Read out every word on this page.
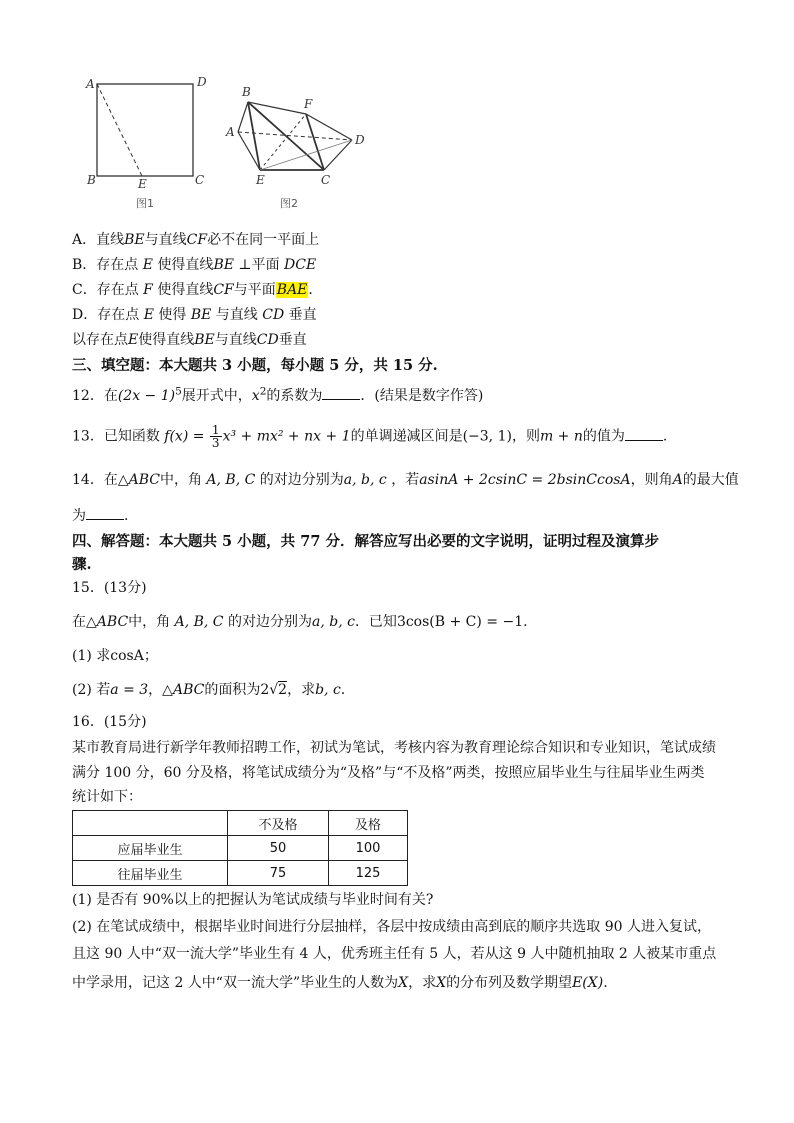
A	D
B	C
E
图1
B
F
A
D
E	C
图2
A．直线BE与直线CF必不在同一平面上
B．存在点 E 使得直线BE ⊥平面 DCE
C．存在点 F 使得直线CF与平面BAE.
D．存在点 E 使得 BE 与直线 CD 垂直
以存在点E使得直线BE与直线CD垂直
三、填空题：本大题共 3 小题，每小题 5 分，共 15 分.
12．在$(2x - 1)^5$展开式中，$x^2$的系数为	．(结果是数字作答)
13．已知函数 $f(x) = \frac{1}{3} x^3 + mx^2$ + nx + 1的单调递减区间是(−3, 1)，则m + n的值为	.
14．在△ABC中，角 A, B, C 的对边分别为a, b, c ，若asinA + 2csinC = 2bsinCcosA，则角A的最大值
为	.
四、解答题：本大题共 5 小题，共 77 分．解答应写出必要的文字说明，证明过程及演算步
骤.
15．(13分)
在△ABC中，角 A, B, C 的对边分别为a, b, c．已知3cos(B + C) = −1.
(1) 求cosA；
(2) 若a = 3，△ABC的面积为2√2，求b, c.
16．(15分)
某市教育局进行新学年教师招聘工作，初试为笔试，考核内容为教育理论综合知识和专业知识，笔试成绩
满分 100 分，60 分及格，将笔试成绩分为“及格”与“不及格”两类，按照应届毕业生与往届毕业生两类
统计如下：
	不及格	及格
应届毕业生	50	100
往届毕业生	75	125
(1) 是否有 90%以上的把握认为笔试成绩与毕业时间有关?
(2) 在笔试成绩中，根据毕业时间进行分层抽样，各层中按成绩由高到底的顺序共选取 90 人进入复试，
且这 90 人中“双一流大学”毕业生有 4 人，优秀班主任有 5 人，若从这 9 人中随机抽取 2 人被某市重点
中学录用，记这 2 人中“双一流大学”毕业生的人数为X，求X的分布列及数学期望E(X).
